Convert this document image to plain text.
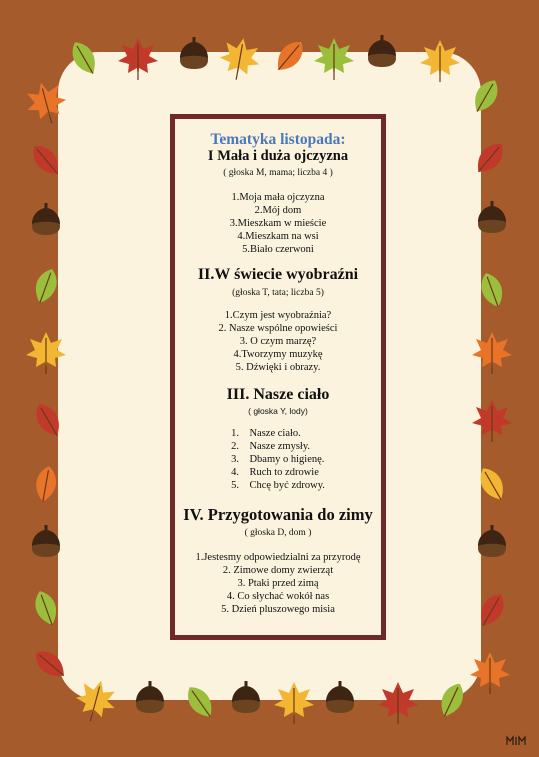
Tematyka listopada:
I Mała i duża ojczyzna
( głoska M, mama; liczba 4 )
1.Moja mała ojczyzna
2.Mój dom
3.Mieszkam w mieście
4.Mieszkam na wsi
5.Biało czerwoni
II.W świecie wyobraźni
(głoska T, tata; liczba 5)
1.Czym jest wyobraźnia?
2. Nasze wspólne opowieści
3. O czym marzę?
4.Tworzymy muzykę
5. Dźwięki i obrazy.
III. Nasze ciało
( głoska Y, lody)
1. Nasze ciało.
2. Nasze zmysły.
3. Dbamy o higienę.
4. Ruch to zdrowie
5. Chcę być zdrowy.
IV. Przygotowania do zimy
( głoska D, dom )
1.Jestesmy odpowiedzialni za przyrodę
2. Zimowe domy zwierząt
3. Ptaki przed zimą
4. Co słychać wokół nas
5. Dzień pluszowego misia
